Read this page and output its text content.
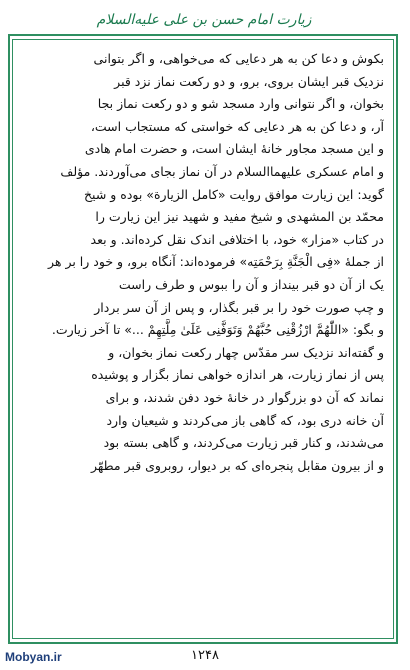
زیارت امام حسن بن علی عليه‌السلام
بکوش و دعا کن به هر دعایی که می‌خواهی، و اگر بتوانی
نزدیک قبر ایشان بروی، برو، و دو رکعت نماز نزد قبر
بخوان، و اگر نتوانی وارد مسجد شو و دو رکعت نماز بجا
آر، و دعا کن به هر دعایی که خواستی که مستجاب است،
و این مسجد مجاور خانهٔ ایشان است، و حضرت امام هادی
و امام عسکری عليهما‌السلام در آن نماز بجای می‌آوردند. مؤلف
گوید: این زیارت موافق روایت «کامل الزیارة» بوده و شیخ
محمّد بن المشهدی و شیخ مفید و شهید نیز این زیارت را
در کتاب «مزار» خود، با اختلافی اندک نقل کرده‌اند. و بعد
از جملهٔ «فِی الْجَنَّةِ بِرَحْمَتِه» فرموده‌اند: آنگاه برو، و خود را بر هر
یک از آن دو قبر بینداز و آن را ببوس و طرف راست
و چپ صورت خود را بر قبر بگذار، و پس از آن سر بردار
و بگو: «اللّٰهُمَّ ارْزُقْنِی حُبَّهُمْ وَتَوَفَّنِی عَلَیٰ مِلَّتِهِمْ ...» تا آخر زیارت.
و گفته‌اند نزدیک سر مقدّس چهار رکعت نماز بخوان، و
پس از نماز زیارت، هر اندازه خواهی نماز بگزار و پوشیده
نماند که آن دو بزرگوار در خانهٔ خود دفن شدند، و برای
آن خانه دری بود، که گاهی باز می‌کردند و شیعیان وارد
می‌شدند، و کنار قبر زیارت می‌کردند، و گاهی بسته بود
و از بیرون مقابل پنجره‌ای که بر دیوار، روبروی قبر مطهّر
۱۲۴۸
Mobyan.ir
